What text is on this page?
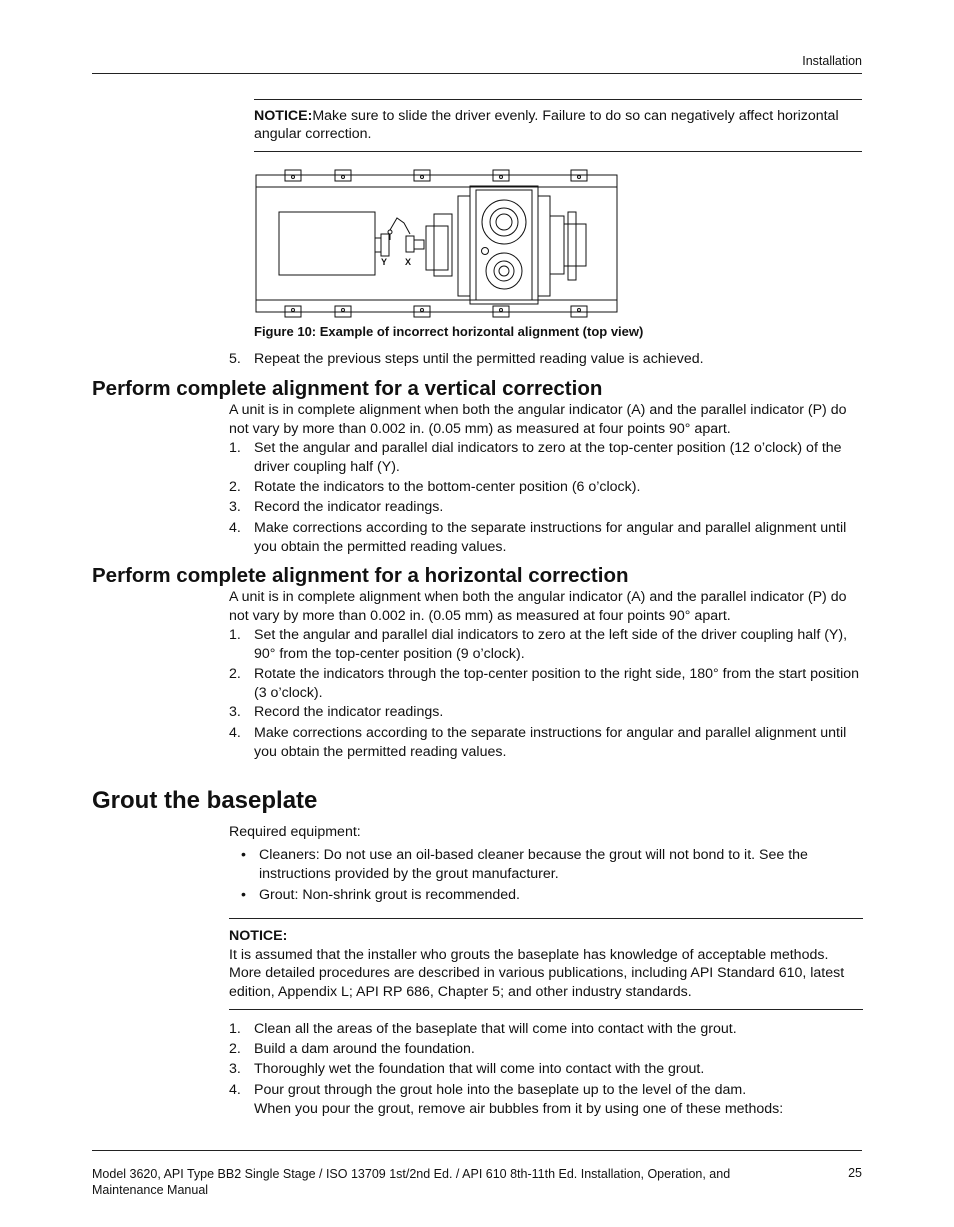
Installation
NOTICE:Make sure to slide the driver evenly. Failure to do so can negatively affect horizontal angular correction.
Y X
Figure 10: Example of incorrect horizontal alignment (top view)
5. Repeat the previous steps until the permitted reading value is achieved.
Perform complete alignment for a vertical correction
A unit is in complete alignment when both the angular indicator (A) and the parallel indicator (P) do not vary by more than 0.002 in. (0.05 mm) as measured at four points 90° apart.
1. Set the angular and parallel dial indicators to zero at the top-center position (12 o’clock) of the driver coupling half (Y).
2. Rotate the indicators to the bottom-center position (6 o’clock).
3. Record the indicator readings.
4. Make corrections according to the separate instructions for angular and parallel alignment until you obtain the permitted reading values.
Perform complete alignment for a horizontal correction
A unit is in complete alignment when both the angular indicator (A) and the parallel indicator (P) do not vary by more than 0.002 in. (0.05 mm) as measured at four points 90° apart.
1. Set the angular and parallel dial indicators to zero at the left side of the driver coupling half (Y), 90° from the top-center position (9 o’clock).
2. Rotate the indicators through the top-center position to the right side, 180° from the start position (3 o’clock).
3. Record the indicator readings.
4. Make corrections according to the separate instructions for angular and parallel alignment until you obtain the permitted reading values.
Grout the baseplate
Required equipment:
• Cleaners: Do not use an oil-based cleaner because the grout will not bond to it. See the instructions provided by the grout manufacturer.
• Grout: Non-shrink grout is recommended.
NOTICE:
It is assumed that the installer who grouts the baseplate has knowledge of acceptable methods. More detailed procedures are described in various publications, including API Standard 610, latest edition, Appendix L; API RP 686, Chapter 5; and other industry standards.
1. Clean all the areas of the baseplate that will come into contact with the grout.
2. Build a dam around the foundation.
3. Thoroughly wet the foundation that will come into contact with the grout.
4. Pour grout through the grout hole into the baseplate up to the level of the dam.
When you pour the grout, remove air bubbles from it by using one of these methods:
Model 3620, API Type BB2 Single Stage / ISO 13709 1st/2nd Ed. / API 610 8th-11th Ed. Installation, Operation, and Maintenance Manual
25
